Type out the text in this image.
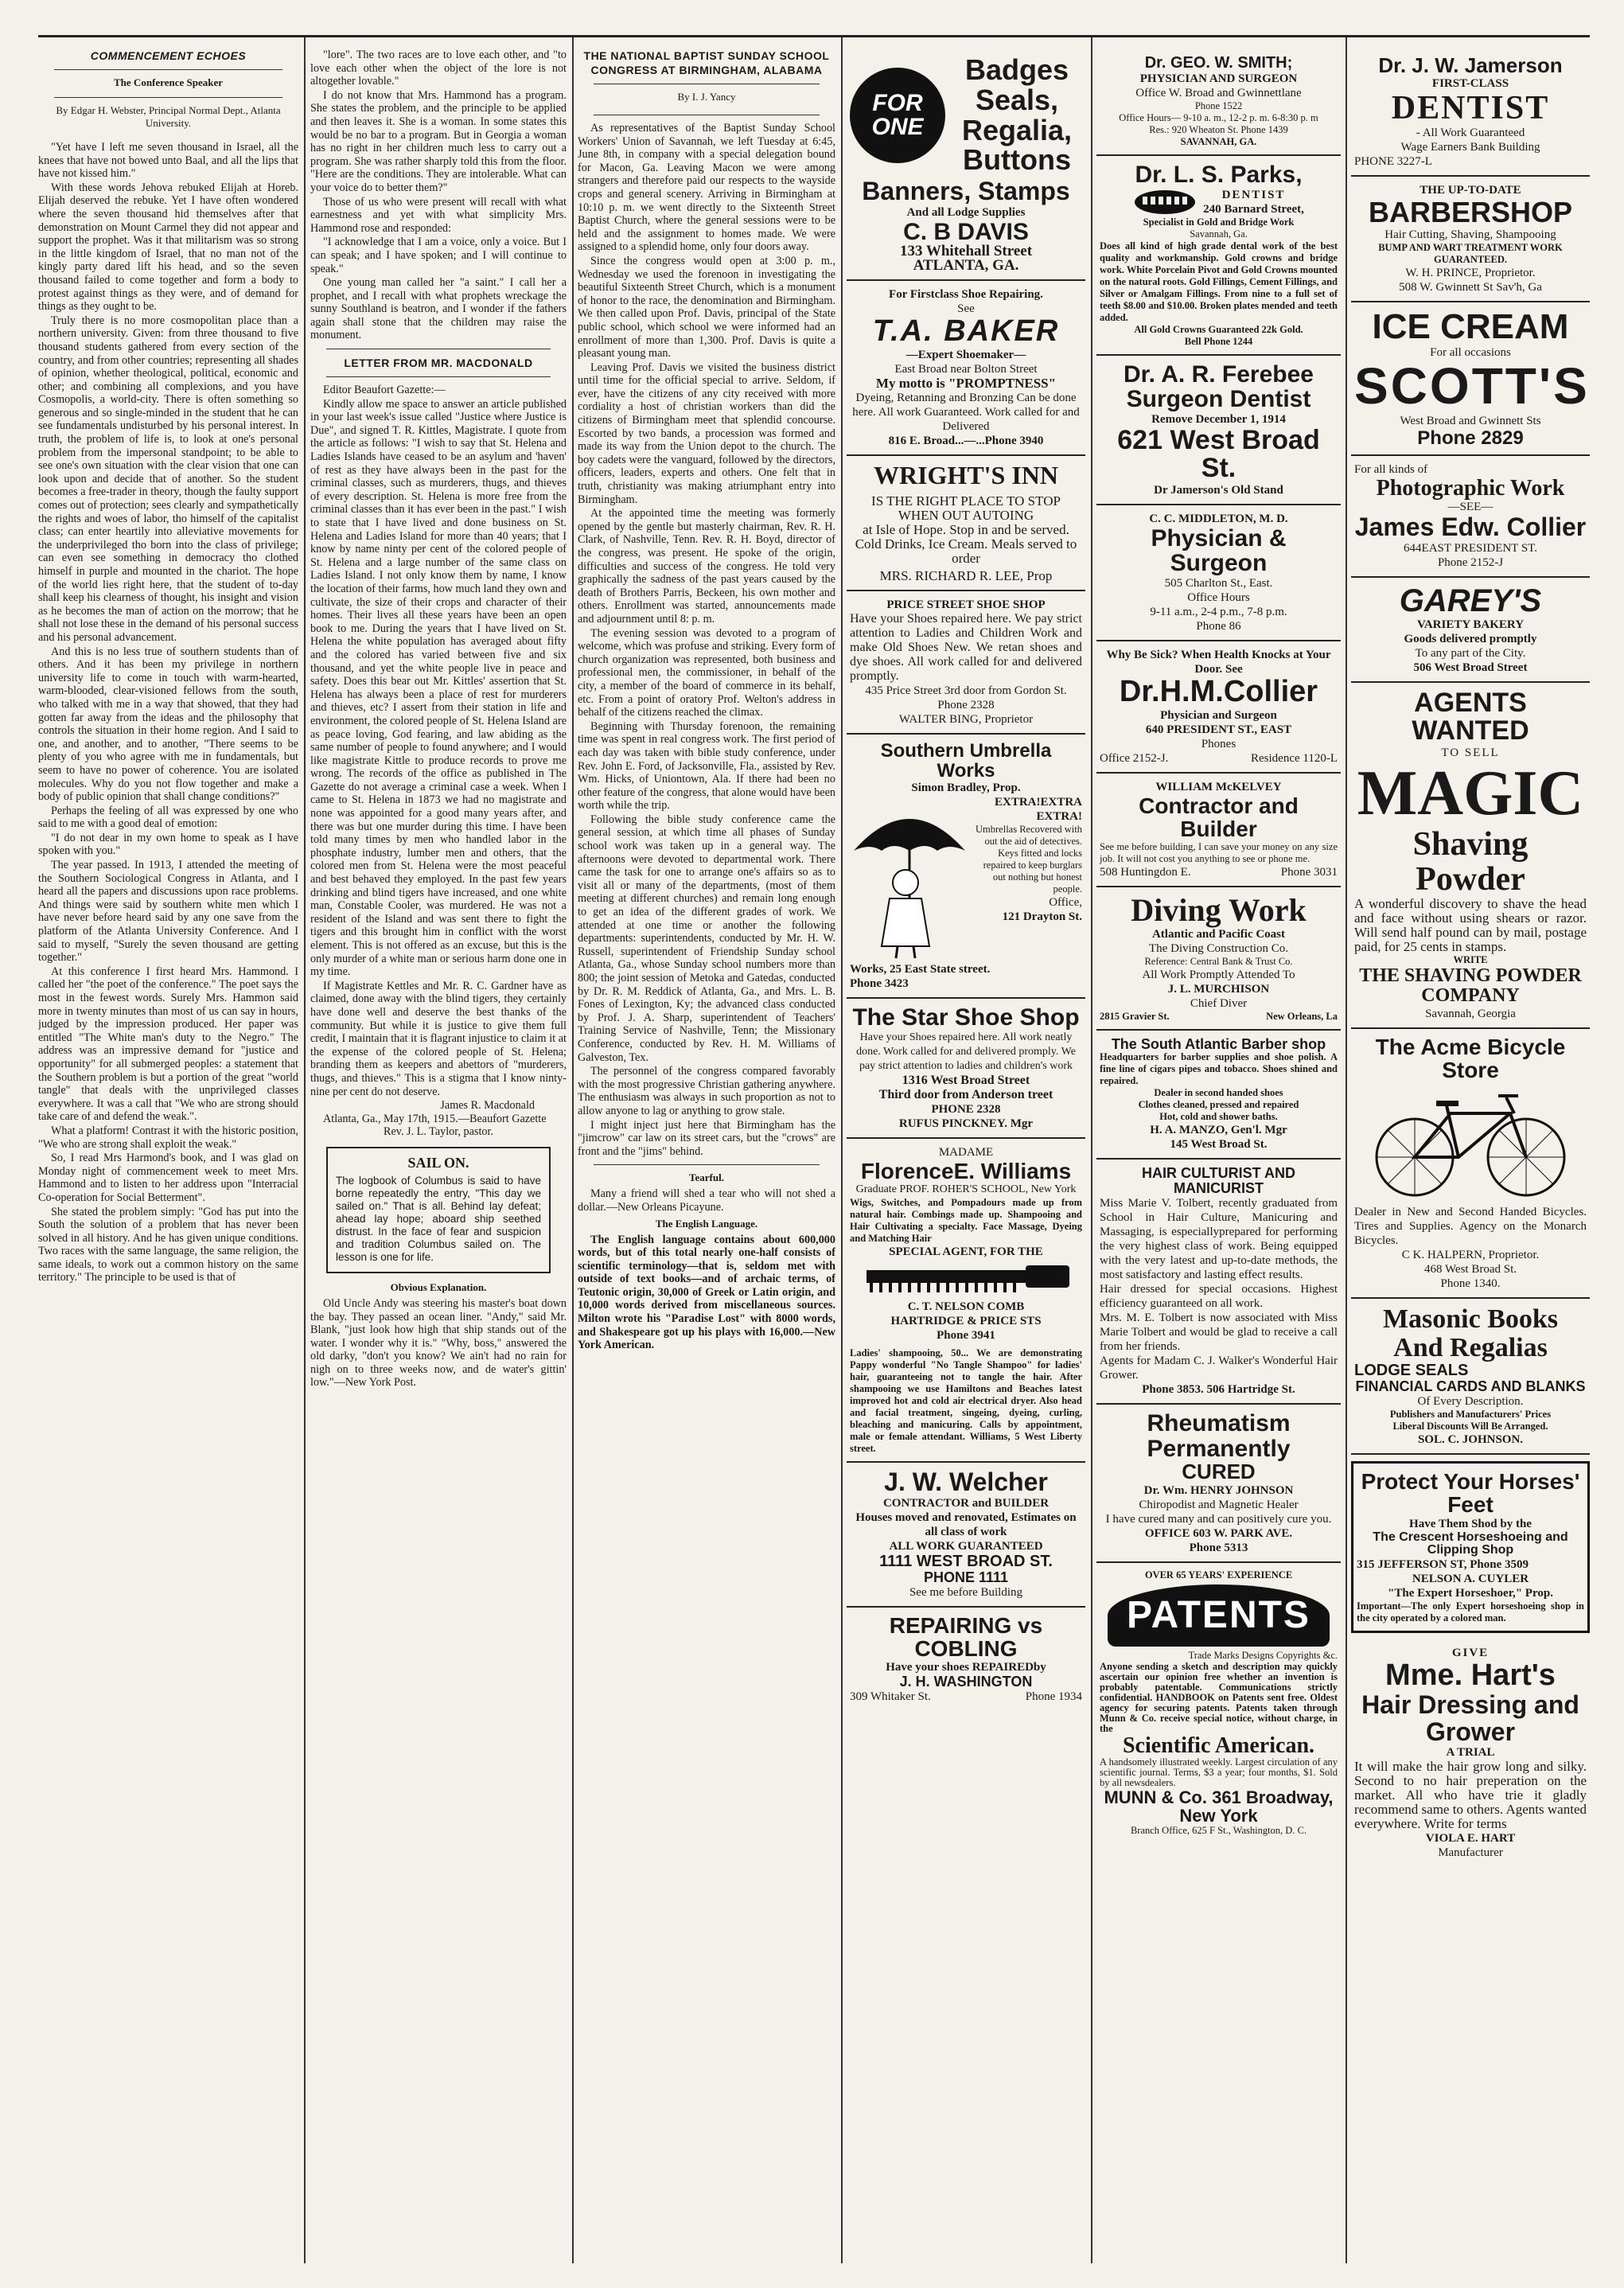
COMMENCEMENT ECHOES
The Conference Speaker
By Edgar H. Webster, Principal Normal Dept., Atlanta University.

"Yet have I left me seven thousand in Israel, all the knees that have not bowed unto Baal, and all the lips that have not kissed him."

With these words Jehova rebuked Elijah at Horeb. Elijah deserved the rebuke. Yet I have often wondered where the seven thousand hid themselves after that demonstration on Mount Carmel they did not appear and support the prophet. Was it that militarism was so strong in the little kingdom of Israel, that no man not of the kingly party dared lift his head, and so the seven thousand failed to come together and form a body to protest against things as they were, and of demand for things as they ought to be.

Truly there is no more cosmopolitan place than a northern university. Given: from three thousand to five thousand students gathered from every section of the country, and from other countries; representing all shades of opinion, whether theological, political, economic and other; and combining all complexions, and you have Cosmopolis, a world-city. There is often something so generous and so single-minded in the student that he can see fundamentals undisturbed by his personal interest. In truth, the problem of life is, to look at one's personal problem from the impersonal standpoint; to be able to see one's own situation with the clear vision that one can look upon and decide that of another. So the student becomes a free-trader in theory, though the faulty support comes out of protection; sees clearly and sympathetically the rights and woes of labor, tho himself of the capitalist class; can enter heartily into alleviative movements for the underprivileged tho born into the class of privilege; can even see something in democracy tho clothed himself in purple and mounted in the chariot. The hope of the world lies right here, that the student of to-day shall keep his clearness of thought, his insight and vision as he becomes the man of action on the morrow; that he shall not lose these in the demand of his personal success and his personal advancement.

And this is no less true of southern students than of others. And it has been my privilege in northern university life to come in touch with warm-hearted, warm-blooded, clear-visioned fellows from the south, who talked with me in a way that showed, that they had gotten far away from the ideas and the philosophy that controls the situation in their home region. And I said to one, and another, and to another, "There seems to be plenty of you who agree with me in fundamentals, but seem to have no power of coherence. You are isolated molecules. Why do you not flow together and make a body of public opinion that shall change conditions?"

Perhaps the feeling of all was expressed by one who said to me with a good deal of emotion:

"I do not dear in my own home to speak as I have spoken with you."

The year passed. In 1913, I attended the meeting of the Southern Sociological Congress in Atlanta, and I heard all the papers and discussions upon race problems. And things were said by southern white men which I have never before heard said by any one save from the platform of the Atlanta University Conference. And I said to myself, "Surely the seven thousand are getting together."

At this conference I first heard Mrs. Hammond. I called her "the poet of the conference." The poet says the most in the fewest words. Surely Mrs. Hammon said more in twenty minutes than most of us can say in hours, judged by the impression produced. Her paper was entitled "The White man's duty to the Negro." The address was an impressive demand for "justice and opportunity" for all submerged peoples: a statement that the Southern problem is but a portion of the great "world tangle" that deals with the unprivileged classes everywhere. It was a call that "We who are strong should take care of and defend the weak.".

What a platform! Contrast it with the historic position, "We who are strong shall exploit the weak."

So, I read Mrs Harmond's book, and I was glad on Monday night of commencement week to meet Mrs. Hammond and to listen to her address upon "Interracial Co-operation for Social Betterment".

She stated the problem simply: "God has put into the South the solution of a problem that has never been solved in all history. And he has given unique conditions. Two races with the same language, the same religion, the same ideals, to work out a common history on the same territory." The principle to be used is that of

"lore". The two races are to love each other, and "to love each other when the object of the lore is not altogether lovable."

I do not know that Mrs. Hammond has a program. She states the problem, and the principle to be applied and then leaves it. She is a woman. In some states this would be no bar to a program. But in Georgia a woman has no right in her children much less to carry out a program. She was rather sharply told this from the floor. "Here are the conditions. They are intolerable. What can your voice do to better them?"

Those of us who were present will recall with what earnestness and yet with what simplicity Mrs. Hammond rose and responded:

"I acknowledge that I am a voice, only a voice. But I can speak; and I have spoken; and I will continue to speak."

One young man called her "a saint." I call her a prophet, and I recall with what prophets wreckage the sunny Southland is beatron, and I wonder if the fathers again shall stone that the children may raise the monument.

LETTER FROM MR. MACDONALD

Editor Beaufort Gazette:—

Kindly allow me space to answer an article published in your last week's issue called "Justice where Justice is Due", and signed T. R. Kittles, Magistrate. I quote from the article as follows: "I wish to say that St. Helena and Ladies Islands have ceased to be an asylum and 'haven' of rest as they have always been in the past for the criminal classes, such as murderers, thugs, and thieves of every description. St. Helena is more free from the criminal classes than it has ever been in the past." I wish to state that I have lived and done business on St. Helena and Ladies Island for more than 40 years; that I know by name ninty per cent of the colored people of St. Helena and a large number of the same class on Ladies Island. I not only know them by name, I know the location of their farms, how much land they own and cultivate, the size of their crops and character of their homes. Their lives all these years have been an open book to me. During the years that I have lived on St. Helena the white population has averaged about fifty and the colored has varied between five and six thousand, and yet the white people live in peace and safety. Does this bear out Mr. Kittles' assertion that St. Helena has always been a place of rest for murderers and thieves, etc? I assert from their station in life and environment, the colored people of St. Helena Island are as peace loving, God fearing, and law abiding as the same number of people to found anywhere; and I would like magistrate Kittle to produce records to prove me wrong. The records of the office as published in The Gazette do not average a criminal case a week. When I came to St. Helena in 1873 we had no magistrate and none was appointed for a good many years after, and there was but one murder during this time. I have been told many times by men who handled labor in the phosphate industry, lumber men and others, that the colored men from St. Helena were the most peaceful and best behaved they employed. In the past few years drinking and blind tigers have increased, and one white man, Constable Cooler, was murdered. He was not a resident of the Island and was sent there to fight the tigers and this brought him in conflict with the worst element. This is not offered as an excuse, but this is the only murder of a white man or serious harm done one in my time.

If Magistrate Kettles and Mr. R. C. Gardner have as claimed, done away with the blind tigers, they certainly have done well and deserve the best thanks of the community. But while it is justice to give them full credit, I maintain that it is flagrant injustice to claim it at the expense of the colored people of St. Helena; branding them as keepers and abettors of "murderers, thugs, and thieves." This is a stigma that I know ninty-nine per cent do not deserve.

James R. Macdonald
Atlanta, Ga., May 17th, 1915.—Beaufort Gazette
Rev. J. L. Taylor, pastor.
SAIL ON.
The logbook of Columbus is said to have borne repeatedly the entry, "This day we sailed on." That is all. Behind lay defeat; ahead lay hope; aboard ship seethed distrust. In the face of fear and suspicion and tradition Columbus sailed on. The lesson is one for life.
Obvious Explanation.

Old Uncle Andy was steering his master's boat down the bay. They passed an ocean liner. "Andy," said Mr. Blank, "just look how high that ship stands out of the water. I wonder why it is." "Why, boss," answered the old darky, "don't you know? We ain't had no rain for nigh on to three weeks now, and de water's gittin' low."—New York Post.

THE NATIONAL BAPTIST SUNDAY SCHOOL CONGRESS AT BIRMINGHAM, ALABAMA
By I. J. Yancy

As representatives of the Baptist Sunday School Workers' Union of Savannah, we left Tuesday at 6:45, June 8th, in company with a special delegation bound for Macon, Ga. Leaving Macon we were among strangers and therefore paid our respects to the wayside crops and general scenery. Arriving in Birmingham at 10:10 p. m. we went directly to the Sixteenth Street Baptist Church, where the general sessions were to be held and the assignment to homes made. We were assigned to a splendid home, only four doors away.

Since the congress would open at 3:00 p. m., Wednesday we used the forenoon in investigating the beautiful Sixteenth Street Church, which is a monument of honor to the race, the denomination and Birmingham. We then called upon Prof. Davis, principal of the State public school, which school we were informed had an enrollment of more than 1,300. Prof. Davis is quite a pleasant young man.

Leaving Prof. Davis we visited the business district until time for the official special to arrive. Seldom, if ever, have the citizens of any city received with more cordiality a host of christian workers than did the citizens of Birmingham meet that splendid concourse. Escorted by two bands, a procession was formed and made its way from the Union depot to the church. The boy cadets were the vanguard, followed by the directors, officers, leaders, experts and others. One felt that in truth, christianity was making atriumphant entry into Birmingham.

At the appointed time the meeting was formerly opened by the gentle but masterly chairman, Rev. R. H. Clark, of Nashville, Tenn. Rev. R. H. Boyd, director of the congress, was present. He spoke of the origin, difficulties and success of the congress. He told very graphically the sadness of the past years caused by the death of Brothers Parris, Beckeen, his own mother and others. Enrollment was started, announcements made and adjournment until 8: p. m.

The evening session was devoted to a program of welcome, which was profuse and striking. Every form of church organization was represented, both business and professional men, the commissioner, in behalf of the city, a member of the board of commerce in its behalf, etc. From a point of oratory Prof. Welton's address in behalf of the citizens reached the climax.

Beginning with Thursday forenoon, the remaining time was spent in real congress work. The first period of each day was taken with bible study conference, under Rev. John E. Ford, of Jacksonville, Fla., assisted by Rev. Wm. Hicks, of Uniontown, Ala. If there had been no other feature of the congress, that alone would have been worth while the trip.

Following the bible study conference came the general session, at which time all phases of Sunday school work was taken up in a general way. The afternoons were devoted to departmental work. There came the task for one to arrange one's affairs so as to visit all or many of the departments, (most of them meeting at different churches) and remain long enough to get an idea of the different grades of work. We attended at one time or another the following departments: superintendents, conducted by Mr. H. W. Russell, superintendent of Friendship Sunday school Atlanta, Ga., whose Sunday school numbers more than 800; the joint session of Metoka and Gatedas, conducted by Dr. R. M. Reddick of Atlanta, Ga., and Mrs. L. B. Fones of Lexington, Ky; the advanced class conducted by Prof. J. A. Sharp, superintendent of Teachers' Training Service of Nashville, Tenn; the Missionary Conference, conducted by Rev. H. M. Williams of Galveston, Tex.

The personnel of the congress compared favorably with the most progressive Christian gathering anywhere. The enthusiasm was always in such proportion as not to allow anyone to lag or anything to grow stale.

I might inject just here that Birmingham has the "jimcrow" car law on its street cars, but the "crows" are front and the "jims" behind.

Tearful.

Many a friend will shed a tear who will not shed a dollar.—New Orleans Picayune.

The English Language.

The English language contains about 600,000 words, but of this total nearly one-half consists of scientific terminology—that is, seldom met with outside of text books—and of archaic terms, of Teutonic origin, 30,000 of Greek or Latin origin, and 10,000 words derived from miscellaneous sources. Milton wrote his "Paradise Lost" with 8000 words, and Shakespeare got up his plays with 16,000.—New York American.

FOR ONE
Badges
Seals,
Regalia,
Buttons
Banners, Stamps
And all Lodge Supplies
C. B DAVIS
133 Whitehall Street
ATLANTA, GA.
For Firstclass Shoe Repairing.
See
T.A. BAKER
—Expert Shoemaker—
East Broad near Bolton Street
My motto is "PROMPTNESS"
Dyeing, Retanning and Bronzing Can be done here. All work Guaranteed. Work called for and Delivered
816 E. Broad...—...Phone 3940
WRIGHT'S INN
IS THE RIGHT PLACE TO STOP WHEN OUT AUTOING
at Isle of Hope. Stop in and be served. Cold Drinks, Ice Cream. Meals served to order
MRS. RICHARD R. LEE, Prop
PRICE STREET SHOE SHOP
Have your Shoes repaired here. We pay strict attention to Ladies and Children Work and make Old Shoes New. We retan shoes and dye shoes. All work called for and delivered promptly.
435 Price Street 3rd door from Gordon St. Phone 2328
WALTER BING, Proprietor
Southern Umbrella Works
Simon Bradley, Prop.
EXTRA!EXTRA EXTRA!
Umbrellas Recovered with out the aid of detectives. Keys fitted and locks repaired to keep burglars out nothing but honest people.
Office,
121 Drayton St.
Works, 25 East State street.
Phone 3423
The Star Shoe Shop
Have your Shoes repaired here. All work neatly done. Work called for and delivered promply. We pay strict attention to ladies and children's work
1316 West Broad Street
Third door from Anderson treet
PHONE 2328
RUFUS PINCKNEY. Mgr
MADAME
FlorenceE. Williams
Graduate PROF. ROHER'S SCHOOL, New York
Wigs, Switches, and Pompadours made up from natural hair. Combings made up. Shampooing and Hair Cultivating a specialty. Face Massage, Dyeing and Matching Hair
SPECIAL AGENT, FOR THE
C. T. NELSON COMB
HARTRIDGE & PRICE STS
Phone 3941
Ladies' shampooing, 50... We are demonstrating Pappy wonderful "No Tangle Shampoo" for ladies' hair, guaranteeing not to tangle the hair. After shampooing we use Hamiltons and Beaches latest improved hot and cold air electrical dryer. Also head and facial treatment, singeing, dyeing, curling, bleaching and manicuring. Calls by appointment, male or female attendant. Williams, 5 West Liberty street.
J. W. Welcher
CONTRACTOR and BUILDER
Houses moved and renovated, Estimates on all class of work
ALL WORK GUARANTEED
1111 WEST BROAD ST.
PHONE 1111
See me before Building
REPAIRING vs COBLING
Have your shoes REPAIREDby
J. H. WASHINGTON
309 Whitaker St.	Phone 1934
Dr. GEO. W. SMITH;
PHYSICIAN AND SURGEON
Office W. Broad and Gwinnettlane
Phone 1522
Office Hours— 9-10 a. m., 12-2 p. m. 6-8:30 p. m
Res.: 920 Wheaton St. Phone 1439
SAVANNAH, GA.
Dr. L. S. Parks,
DENTIST
240 Barnard Street,
Specialist in Gold and Bridge Work
Savannah, Ga.
Does all kind of high grade dental work of the best quality and workmanship. Gold crowns and bridge work. White Porcelain Pivot and Gold Crowns mounted on the natural roots. Gold Fillings, Cement Fillings, and Silver or Amalgam Fillings. From nine to a full set of teeth $8.00 and $10.00. Broken plates mended and teeth added.
All Gold Crowns Guaranteed 22k Gold.
Bell Phone 1244
Dr. A. R. Ferebee
Surgeon Dentist
Remove December 1, 1914
621 West Broad St.
Dr Jamerson's Old Stand
C. C. MIDDLETON, M. D.
Physician & Surgeon
505 Charlton St., East.
Office Hours
9-11 a.m., 2-4 p.m., 7-8 p.m.
Phone 86
Why Be Sick? When Health Knocks at Your Door. See
Dr.H.M.Collier
Physician and Surgeon
640 PRESIDENT ST., EAST
Phones
Office 2152-J.	Residence 1120-L
WILLIAM McKELVEY
Contractor and Builder
See me before building, I can save your money on any size job. It will not cost you anything to see or phone me.
508 Huntingdon E.	Phone 3031
Diving Work
Atlantic and Pacific Coast
The Diving Construction Co.
Reference: Central Bank & Trust Co.
All Work Promptly Attended To
J. L. MURCHISON
Chief Diver
2815 Gravier St.	New Orleans, La
The South Atlantic Barber shop
Headquarters for barber supplies and shoe polish. A fine line of cigars pipes and tobacco. Shoes shined and repaired.
Dealer in second handed shoes
Clothes cleaned, pressed and repaired
Hot, cold and shower baths.
H. A. MANZO, Gen'l. Mgr
145 West Broad St.
HAIR CULTURIST AND MANICURIST
Miss Marie V. Tolbert, recently graduated from School in Hair Culture, Manicuring and Massaging, is especiallyprepared for performing the very highest class of work. Being equipped with the very latest and up-to-date methods, the most satisfactory and lasting effect results.
Hair dressed for special occasions. Highest efficiency guaranteed on all work.
Mrs. M. E. Tolbert is now associated with Miss Marie Tolbert and would be glad to receive a call from her friends.
Agents for Madam C. J. Walker's Wonderful Hair Grower.
Phone 3853. 506 Hartridge St.
Rheumatism Permanently
CURED
Dr. Wm. HENRY JOHNSON
Chiropodist and Magnetic Healer
I have cured many and can positively cure you.
OFFICE 603 W. PARK AVE.
Phone 5313
OVER 65 YEARS' EXPERIENCE
PATENTS
Trade Marks Designs Copyrights &c.
Anyone sending a sketch and description may quickly ascertain our opinion free whether an invention is probably patentable. Communications strictly confidential. HANDBOOK on Patents sent free. Oldest agency for securing patents. Patents taken through Munn & Co. receive special notice, without charge, in the
Scientific American.
A handsomely illustrated weekly. Largest circulation of any scientific journal. Terms, $3 a year; four months, $1. Sold by all newsdealers.
MUNN & Co. 361 Broadway, New York
Branch Office, 625 F St., Washington, D. C.
Dr. J. W. Jamerson
FIRST-CLASS
DENTIST
- All Work Guaranteed
Wage Earners Bank Building
PHONE 3227-L
THE UP-TO-DATE
BARBERSHOP
Hair Cutting, Shaving, Shampooing
BUMP AND WART TREATMENT WORK GUARANTEED.
W. H. PRINCE, Proprietor.
508 W. Gwinnett St Sav'h, Ga
ICE CREAM
For all occasions
SCOTT'S
West Broad and Gwinnett Sts
Phone 2829
For all kinds of
Photographic Work
—SEE—
James Edw. Collier
644EAST PRESIDENT ST.
Phone 2152-J
GAREY'S
VARIETY BAKERY
Goods delivered promptly
To any part of the City.
506 West Broad Street
AGENTS WANTED
TO SELL
MAGIC
Shaving Powder
A wonderful discovery to shave the head and face without using shears or razor. Will send half pound can by mail, postage paid, for 25 cents in stamps.
WRITE
THE SHAVING POWDER COMPANY
Savannah, Georgia
The Acme Bicycle Store
Dealer in New and Second Handed Bicycles. Tires and Supplies. Agency on the Monarch Bicycles.
C K. HALPERN, Proprietor.
468 West Broad St.
Phone 1340.
Masonic Books
And Regalias
LODGE SEALS
FINANCIAL CARDS AND BLANKS
Of Every Description.
Publishers and Manufacturers' Prices
Liberal Discounts Will Be Arranged.
SOL. C. JOHNSON.
Protect Your Horses' Feet
Have Them Shod by the
The Crescent Horseshoeing and Clipping Shop
315 JEFFERSON ST, Phone 3509
NELSON A. CUYLER
"The Expert Horseshoer," Prop.
Important—The only Expert horseshoeing shop in the city operated by a colored man.
GIVE
Mme. Hart's
Hair Dressing and Grower
A TRIAL
It will make the hair grow long and silky. Second to no hair preperation on the market. All who have trie it gladly recommend same to others. Agents wanted everywhere. Write for terms
VIOLA E. HART
Manufacturer
